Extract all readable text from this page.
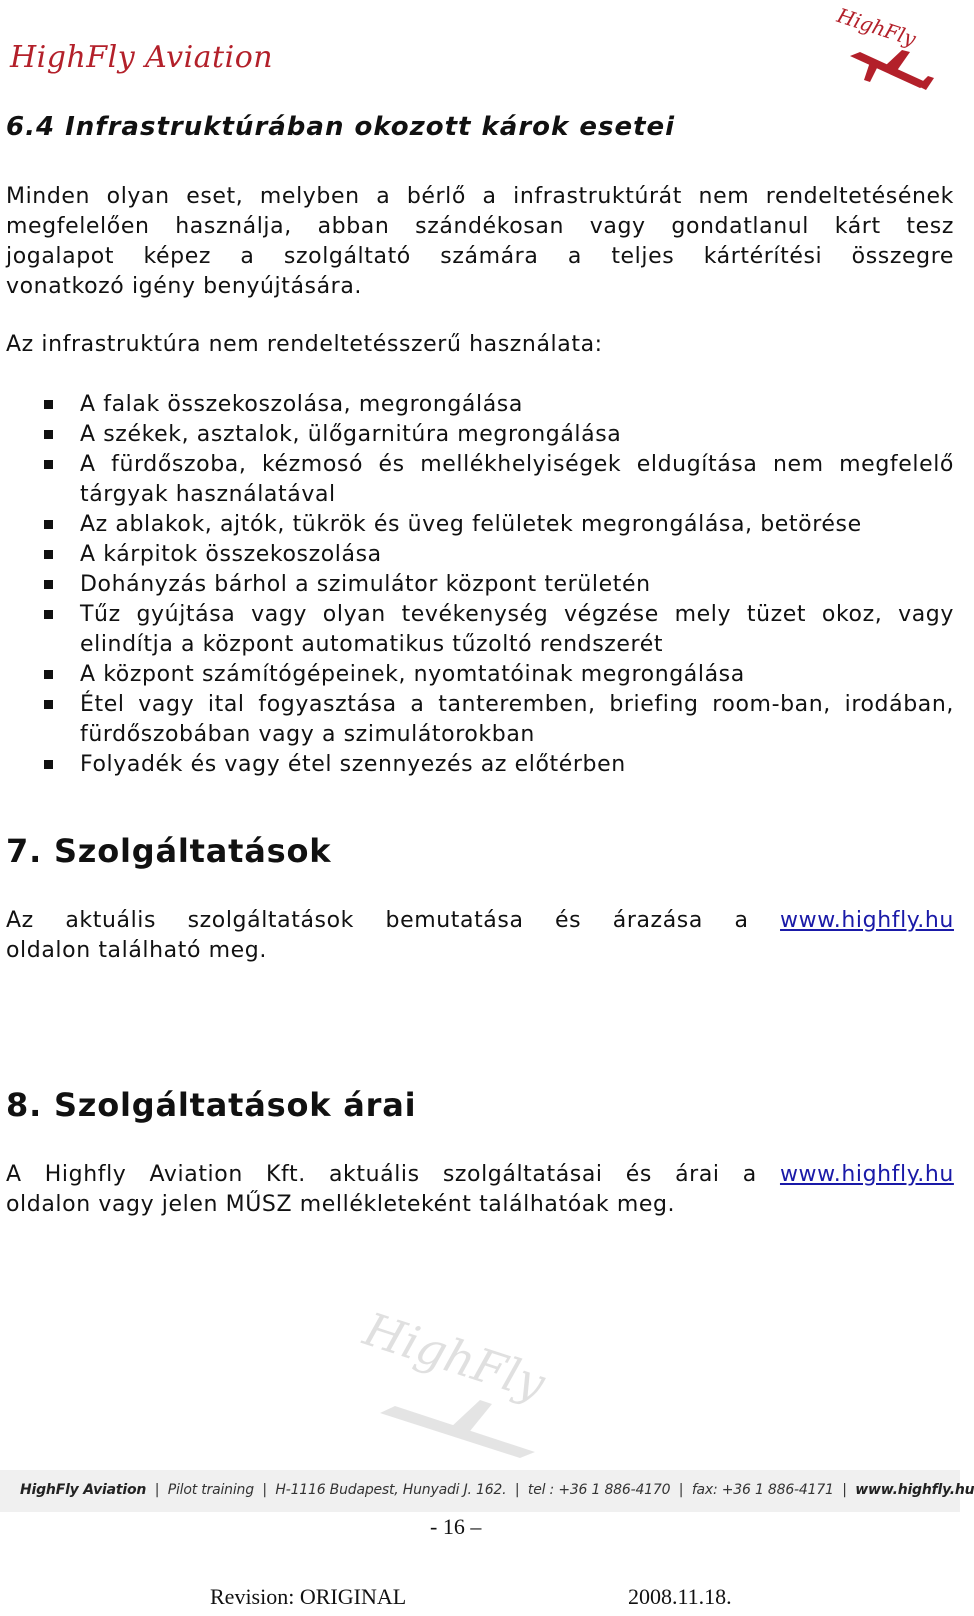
HighFly Aviation
HighFly
6.4 Infrastruktúrában okozott károk esetei
Minden olyan eset, melyben a bérlő a infrastruktúrát nem rendeltetésének
megfelelően használja, abban szándékosan vagy gondatlanul kárt tesz
jogalapot képez a szolgáltató számára a teljes kártérítési összegre
vonatkozó igény benyújtására.

Az infrastruktúra nem rendeltetésszerű használata:

A falak összekoszolása, megrongálása
A székek, asztalok, ülőgarnitúra megrongálása
A fürdőszoba, kézmosó és mellékhelyiségek eldugítása nem megfelelő tárgyak használatával
Az ablakok, ajtók, tükrök és üveg felületek megrongálása, betörése
A kárpitok összekoszolása
Dohányzás bárhol a szimulátor központ területén
Tűz gyújtása vagy olyan tevékenység végzése mely tüzet okoz, vagy elindítja a központ automatikus tűzoltó rendszerét
A központ számítógépeinek, nyomtatóinak megrongálása
Étel vagy ital fogyasztása a tanteremben, briefing room-ban, irodában, fürdőszobában vagy a szimulátorokban
Folyadék és vagy étel szennyezés az előtérben
7. Szolgáltatások
Az aktuális szolgáltatások bemutatása és árazása a www.highfly.hu
oldalon található meg.
8. Szolgáltatások árai
A Highfly Aviation Kft. aktuális szolgáltatásai és árai a www.highfly.hu
oldalon vagy jelen MŰSZ mellékleteként találhatóak meg.
HighFly
HighFly Aviation  |  Pilot training  |  H-1116 Budapest, Hunyadi J. 162.  |  tel : +36 1 886-4170  |  fax: +36 1 886-4171  |  www.highfly.hu
- 16 –
Revision: ORIGINAL	2008.11.18.
